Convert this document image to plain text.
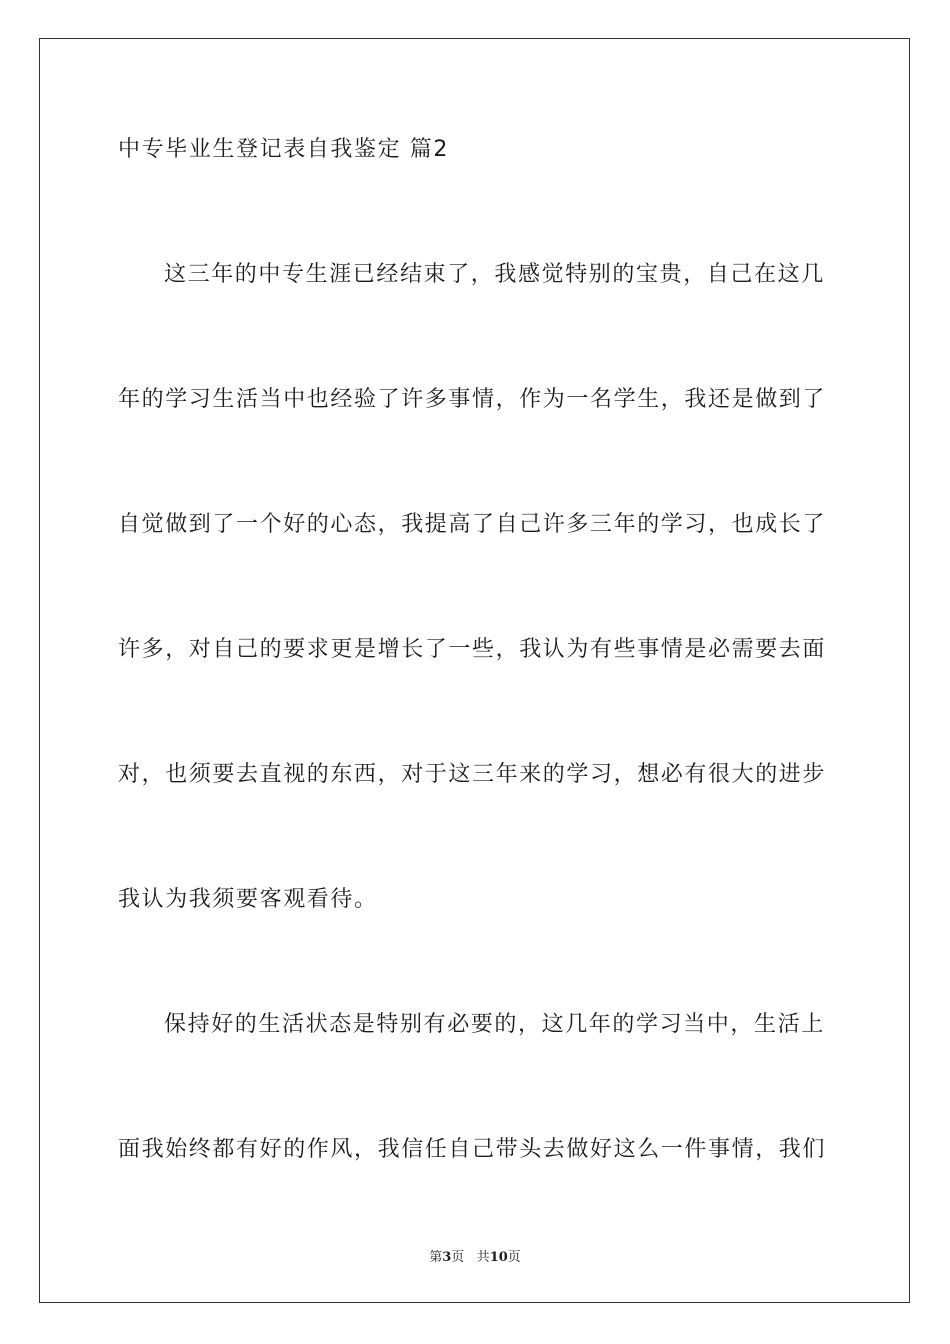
中专毕业生登记表自我鉴定 篇2
这三年的中专生涯已经结束了，我感觉特别的宝贵，自己在这几
年的学习生活当中也经验了许多事情，作为一名学生，我还是做到了
自觉做到了一个好的心态，我提高了自己许多三年的学习，也成长了
许多，对自己的要求更是增长了一些，我认为有些事情是必需要去面
对，也须要去直视的东西，对于这三年来的学习，想必有很大的进步
我认为我须要客观看待。
保持好的生活状态是特别有必要的，这几年的学习当中，生活上
面我始终都有好的作风，我信任自己带头去做好这么一件事情，我们
第3页 共10页
